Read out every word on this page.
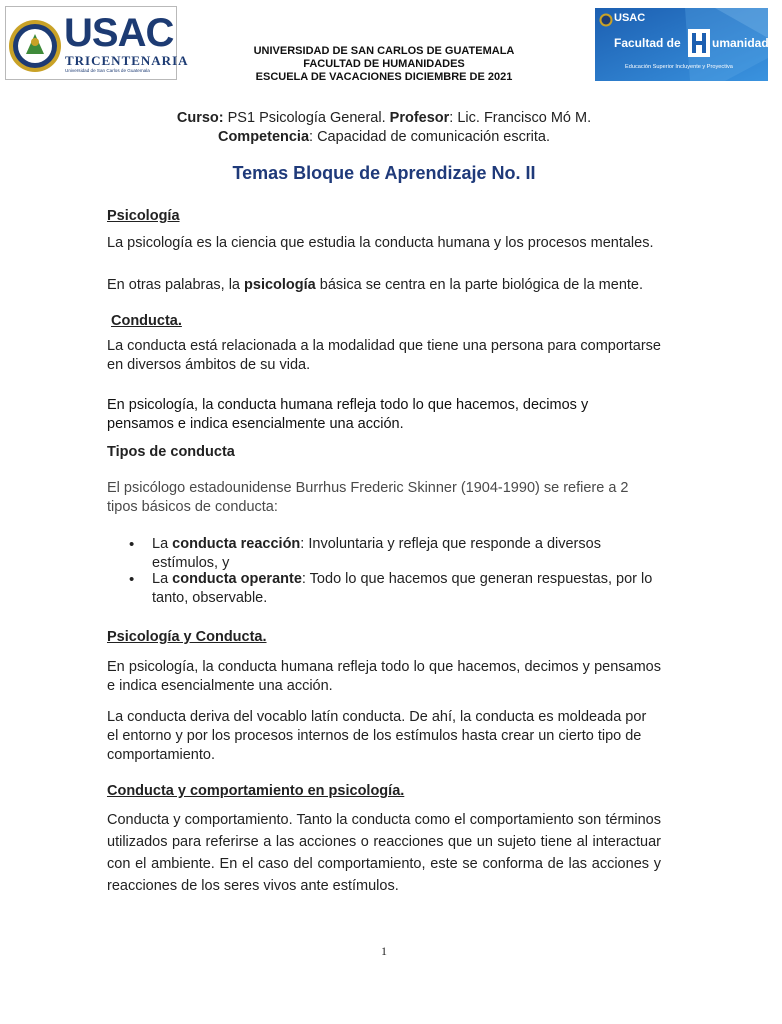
USAC
TRICENTENARIA
Universidad de San Carlos de Guatemala
USAC
Facultad de	umanidades
Educación Superior Incluyente y Proyectiva
UNIVERSIDAD DE SAN CARLOS DE GUATEMALA
FACULTAD DE HUMANIDADES
ESCUELA DE VACACIONES DICIEMBRE DE 2021
Curso: PS1 Psicología General. Profesor: Lic. Francisco Mó M.
Competencia: Capacidad de comunicación escrita.
Temas Bloque de Aprendizaje No. II
Psicología
La psicología es la ciencia que estudia la conducta humana y los procesos mentales.
En otras palabras, la psicología básica se centra en la parte biológica de la mente.
Conducta.
La conducta está relacionada a la modalidad que tiene una persona para comportarse en diversos ámbitos de su vida.
En psicología, la conducta humana refleja todo lo que hacemos, decimos y pensamos e indica esencialmente una acción.
Tipos de conducta
El psicólogo estadounidense Burrhus Frederic Skinner (1904-1990) se refiere a 2 tipos básicos de conducta:
• La conducta reacción: Involuntaria y refleja que responde a diversos estímulos, y
• La conducta operante: Todo lo que hacemos que generan respuestas, por lo tanto, observable.
Psicología y Conducta.
En psicología, la conducta humana refleja todo lo que hacemos, decimos y pensamos e indica esencialmente una acción.
La conducta deriva del vocablo latín conducta. De ahí, la conducta es moldeada por el entorno y por los procesos internos de los estímulos hasta crear un cierto tipo de comportamiento.
Conducta y comportamiento en psicología.
Conducta y comportamiento. Tanto la conducta como el comportamiento son términos utilizados para referirse a las acciones o reacciones que un sujeto tiene al interactuar con el ambiente. En el caso del comportamiento, este se conforma de las acciones y reacciones de los seres vivos ante estímulos.
1
